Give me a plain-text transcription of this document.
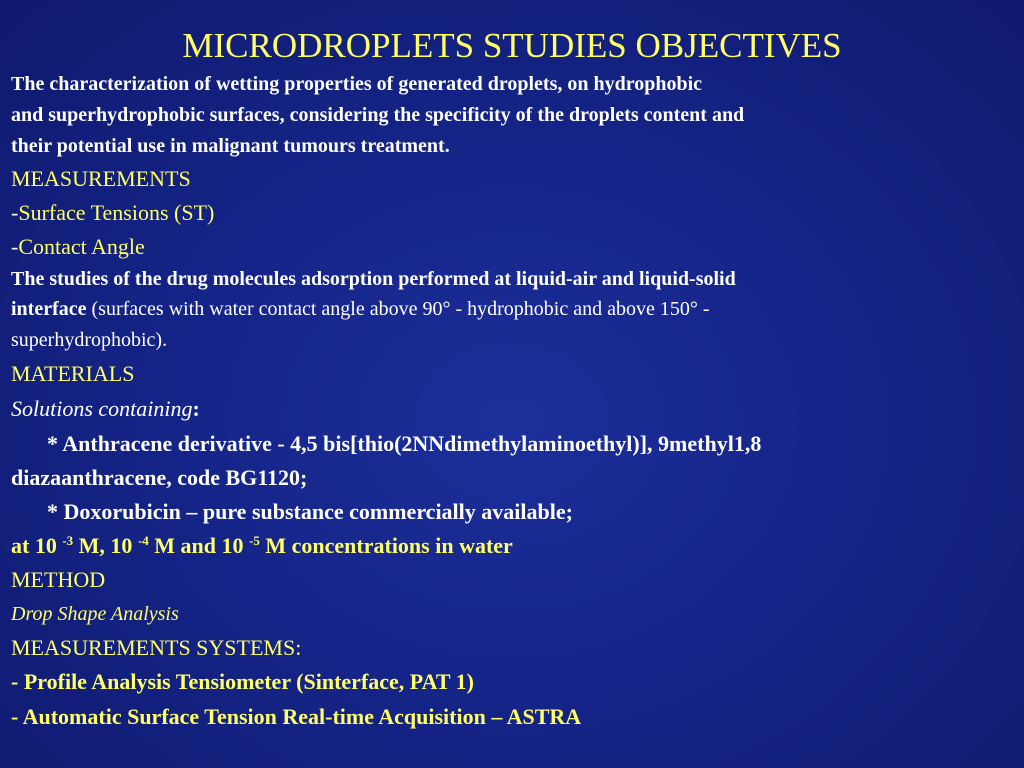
MICRODROPLETS STUDIES OBJECTIVES
The characterization of wetting properties of generated droplets, on hydrophobic
and superhydrophobic surfaces, considering the specificity of the droplets content and
their potential use in malignant tumours treatment.
MEASUREMENTS
-Surface Tensions (ST)
-Contact Angle
The studies of the drug molecules adsorption performed at liquid-air and liquid-solid
interface (surfaces with water contact angle above 90° - hydrophobic and above 150° -
superhydrophobic).
MATERIALS
Solutions containing:
* Anthracene derivative - 4,5 bis[thio(2NNdimethylaminoethyl)], 9methyl1,8
diazaanthracene, code BG1120;
* Doxorubicin – pure substance commercially available;
at 10 $^{-3}$ M, 10 $^{-4}$ M and 10 $^{-5}$ M concentrations in water
METHOD
Drop Shape Analysis
MEASUREMENTS SYSTEMS:
- Profile Analysis Tensiometer (Sinterface, PAT 1)
- Automatic Surface Tension Real-time Acquisition – ASTRA
